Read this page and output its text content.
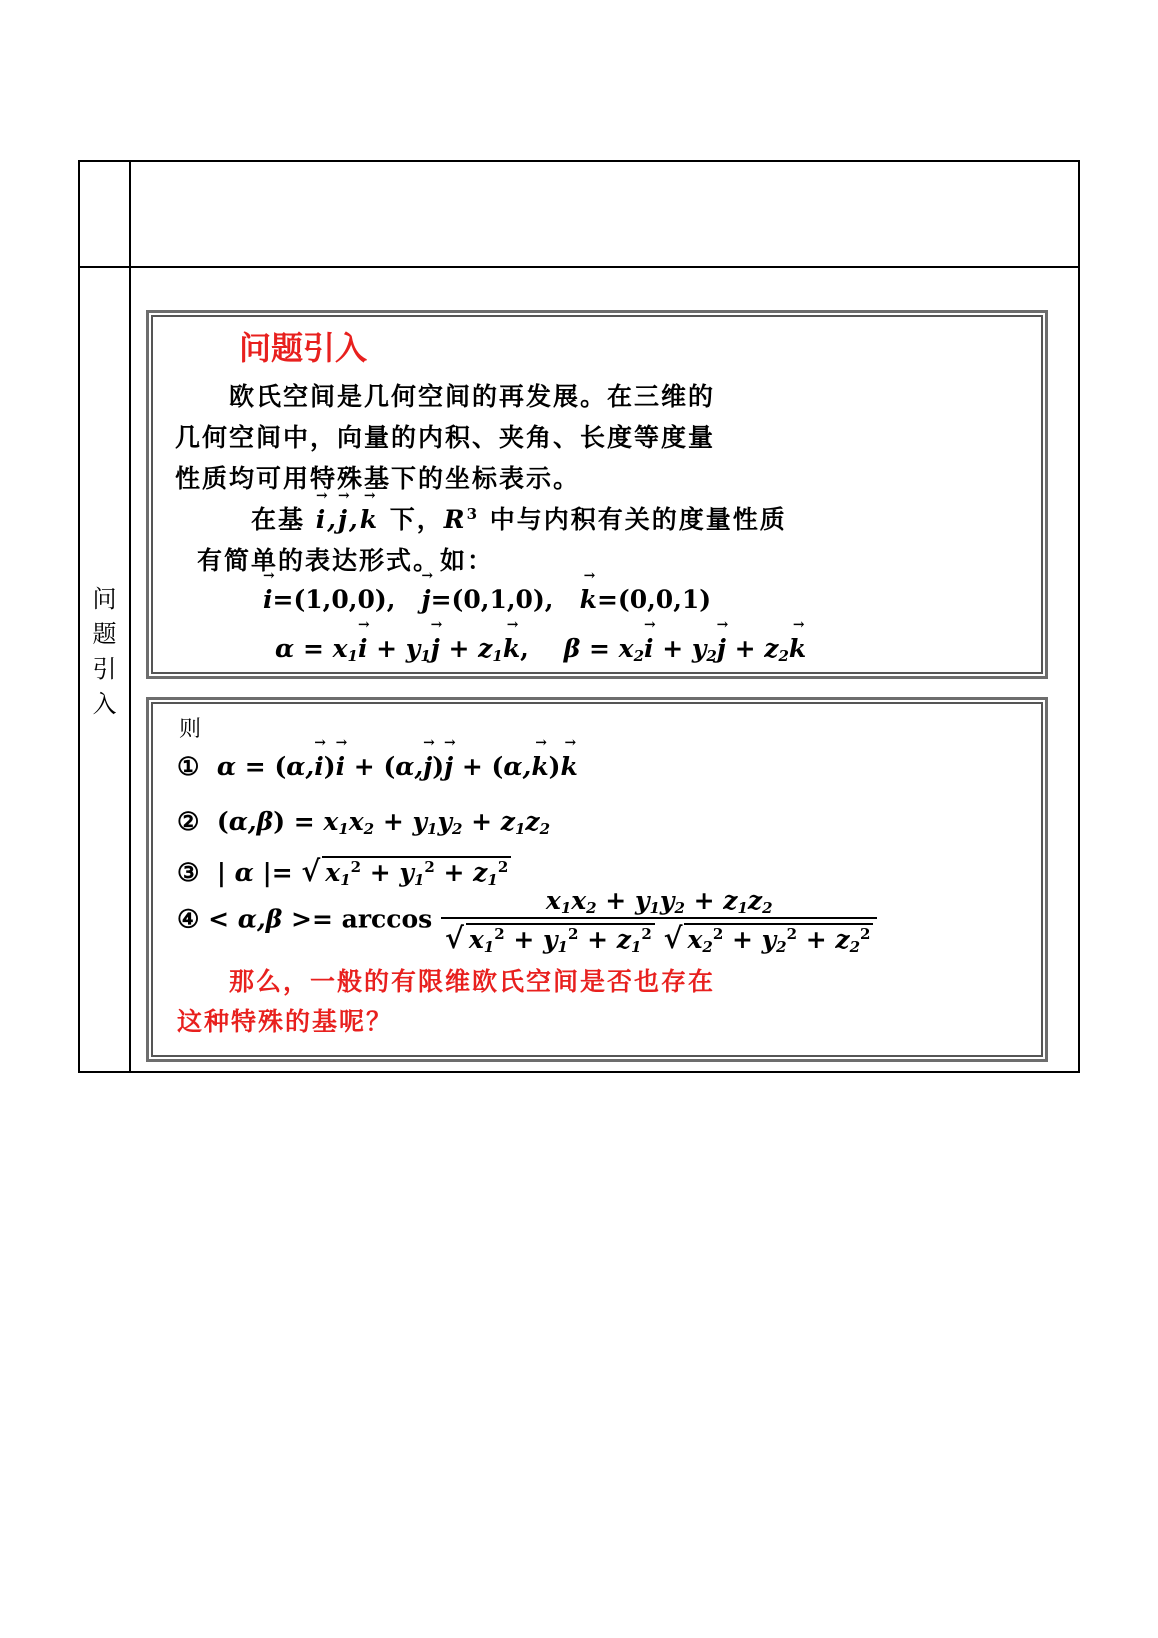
问
题
引
入
问题引入
欧氏空间是几何空间的再发展。在三维的
几何空间中，向量的内积、夹角、长度等度量
性质均可用特殊基下的坐标表示。
在基 → i,→ j,→ k 下，$R^3$ 中与内积有关的度量性质
有简单的表达形式。如：
→ i=(1,0,0), → j=(0,1,0), → k=(0,0,1)
$\alpha = x_1\to i + y_1\to j + z_1\to k$,    $\beta = x_2\to i + y_2\to j + z_2\to k$
则
①  α = (α,→ i)→ i + (α,→ j)→ j + (α,→ k)→ k
② $(\alpha,\beta) = x_1x_2 + y_1y_2 + z_1z_2$
③ | α |= √ $x_1^2 + y_1^2 + z_1^2$
④ < $\alpha,\beta >= \arccos \frac{x_1x_2 + y_1y_2 + z_1z_2}{√ x_1^2 + y_1^2 + z_1^2 √ x_2^2 + y_2^2 + z_2^2}$
那么，一般的有限维欧氏空间是否也存在
这种特殊的基呢？
